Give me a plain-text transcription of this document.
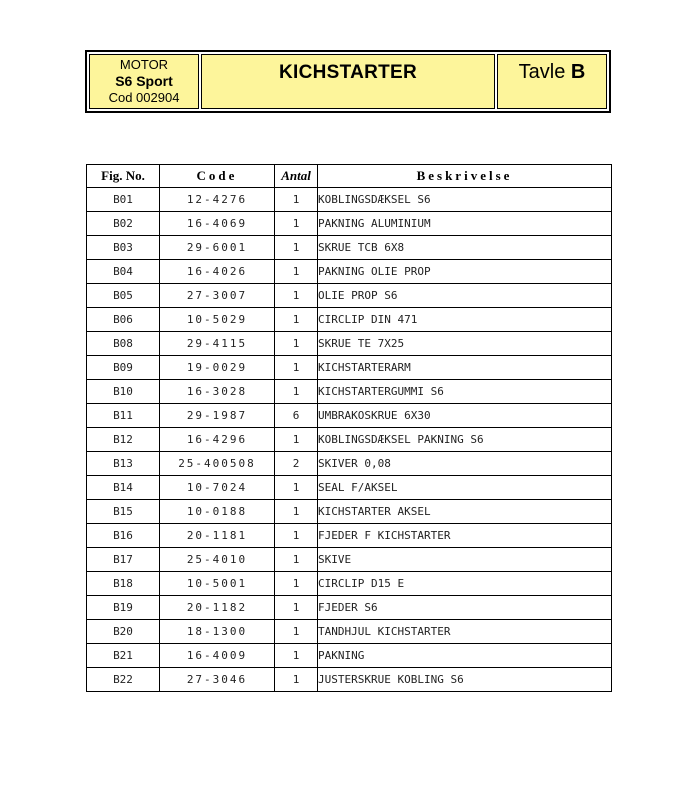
MOTOR
S6 Sport
Cod 002904
KICHSTARTER	Tavle B
Fig. No.	Code	Antal	Beskrivelse
B01	12-4276	1	KOBLINGSDÆKSEL S6
B02	16-4069	1	PAKNING ALUMINIUM
B03	29-6001	1	SKRUE TCB 6X8
B04	16-4026	1	PAKNING OLIE PROP
B05	27-3007	1	OLIE PROP S6
B06	10-5029	1	CIRCLIP DIN 471
B08	29-4115	1	SKRUE TE 7X25
B09	19-0029	1	KICHSTARTERARM
B10	16-3028	1	KICHSTARTERGUMMI S6
B11	29-1987	6	UMBRAKOSKRUE 6X30
B12	16-4296	1	KOBLINGSDÆKSEL PAKNING S6
B13	25-400508	2	SKIVER 0,08
B14	10-7024	1	SEAL F/AKSEL
B15	10-0188	1	KICHSTARTER AKSEL
B16	20-1181	1	FJEDER F KICHSTARTER
B17	25-4010	1	SKIVE
B18	10-5001	1	CIRCLIP D15 E
B19	20-1182	1	FJEDER S6
B20	18-1300	1	TANDHJUL KICHSTARTER
B21	16-4009	1	PAKNING
B22	27-3046	1	JUSTERSKRUE KOBLING S6
